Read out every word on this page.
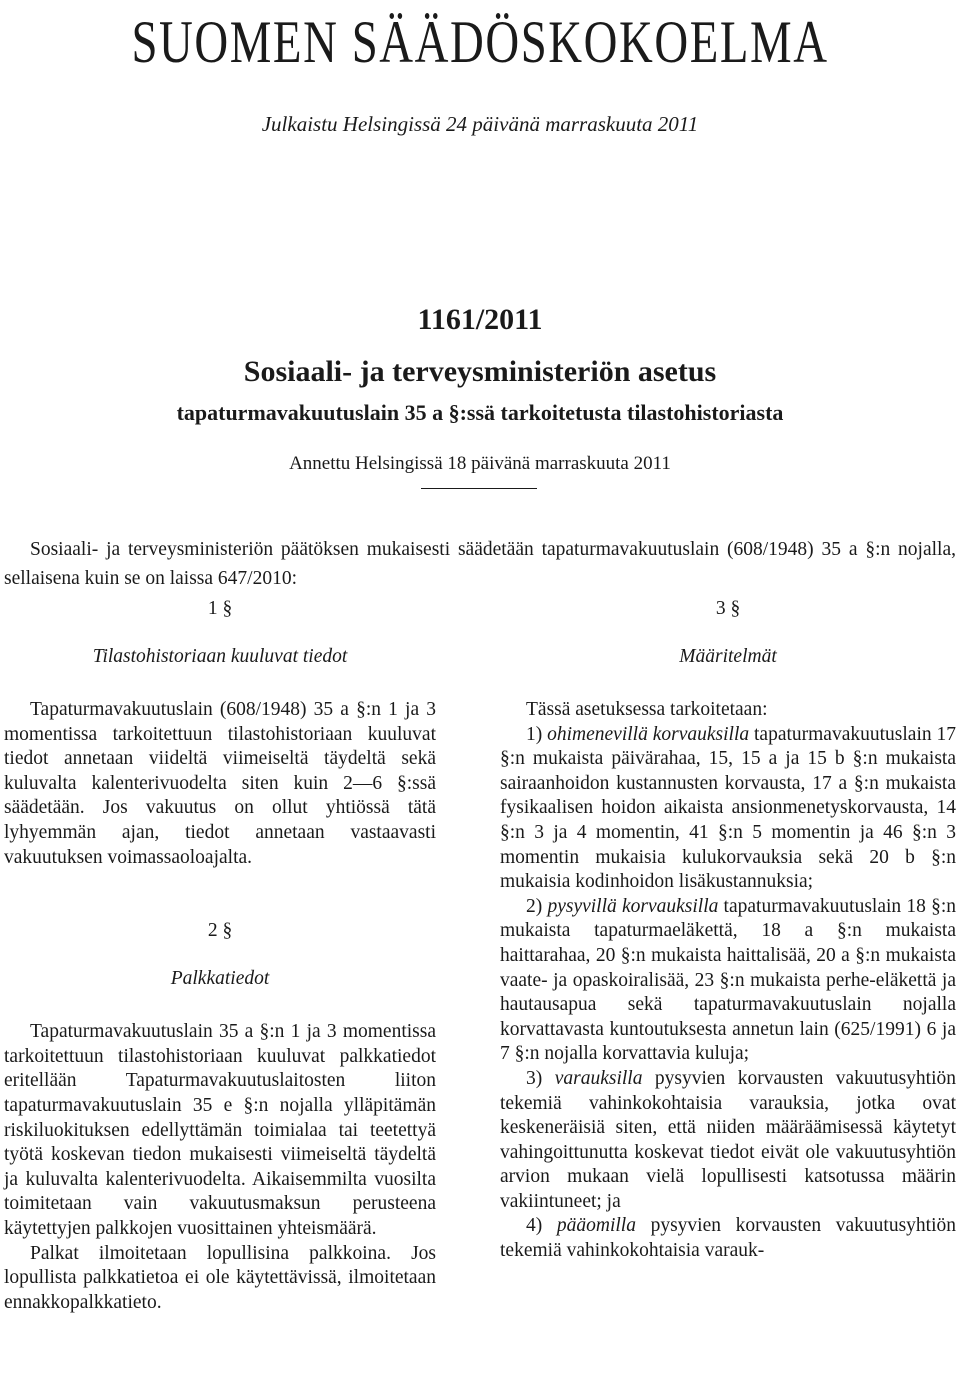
SUOMEN SÄÄDÖSKOKOELMA
Julkaistu Helsingissä 24 päivänä marraskuuta 2011
1161/2011
Sosiaali- ja terveysministeriön asetus
tapaturmavakuutuslain 35 a §:ssä tarkoitetusta tilastohistoriasta
Annettu Helsingissä 18 päivänä marraskuuta 2011

Sosiaali- ja terveysministeriön päätöksen mukaisesti säädetään tapaturmavakuutuslain (608/1948) 35 a §:n nojalla, sellaisena kuin se on laissa 647/2010:

1 §
Tilastohistoriaan kuuluvat tiedot

Tapaturmavakuutuslain (608/1948) 35 a §:n 1 ja 3 momentissa tarkoitettuun tilastohistoriaan kuuluvat tiedot annetaan viideltä viimeiseltä täydeltä sekä kuluvalta kalenterivuodelta siten kuin 2—6 §:ssä säädetään. Jos vakuutus on ollut yhtiössä tätä lyhyemmän ajan, tiedot annetaan vastaavasti vakuutuksen voimassaoloajalta.

2 §
Palkkatiedot

Tapaturmavakuutuslain 35 a §:n 1 ja 3 momentissa tarkoitettuun tilastohistoriaan kuuluvat palkkatiedot eritellään Tapaturmavakuutuslaitosten liiton tapaturmavakuutuslain 35 e §:n nojalla ylläpitämän riskiluokituksen edellyttämän toimialaa tai teetettyä työtä koskevan tiedon mukaisesti viimeiseltä täydeltä ja kuluvalta kalenterivuodelta. Aikaisemmilta vuosilta toimitetaan vain vakuutusmaksun perusteena käytettyjen palkkojen vuosittainen yhteismäärä.

Palkat ilmoitetaan lopullisina palkkoina. Jos lopullista palkkatietoa ei ole käytettävissä, ilmoitetaan ennakkopalkkatieto.

3 §
Määritelmät

Tässä asetuksessa tarkoitetaan:

1) ohimenevillä korvauksilla tapaturmavakuutuslain 17 §:n mukaista päivärahaa, 15, 15 a ja 15 b §:n mukaista sairaanhoidon kustannusten korvausta, 17 a §:n mukaista fysikaalisen hoidon aikaista ansionmenetyskorvausta, 14 §:n 3 ja 4 momentin, 41 §:n 5 momentin ja 46 §:n 3 momentin mukaisia kulukorvauksia sekä 20 b §:n mukaisia kodinhoidon lisäkustannuksia;

2) pysyvillä korvauksilla tapaturmavakuutuslain 18 §:n mukaista tapaturmaeläkettä, 18 a §:n mukaista haittarahaa, 20 §:n mukaista haittalisää, 20 a §:n mukaista vaate- ja opaskoiralisää, 23 §:n mukaista perhe-eläkettä ja hautausapua sekä tapaturmavakuutuslain nojalla korvattavasta kuntoutuksesta annetun lain (625/1991) 6 ja 7 §:n nojalla korvattavia kuluja;

3) varauksilla pysyvien korvausten vakuutusyhtiön tekemiä vahinkokohtaisia varauksia, jotka ovat keskeneräisiä siten, että niiden määräämisessä käytetyt vahingoittunutta koskevat tiedot eivät ole vakuutusyhtiön arvion mukaan vielä lopullisesti katsotussa määrin vakiintuneet; ja

4) pääomilla pysyvien korvausten vakuutusyhtiön tekemiä vahinkokohtaisia varauk-
